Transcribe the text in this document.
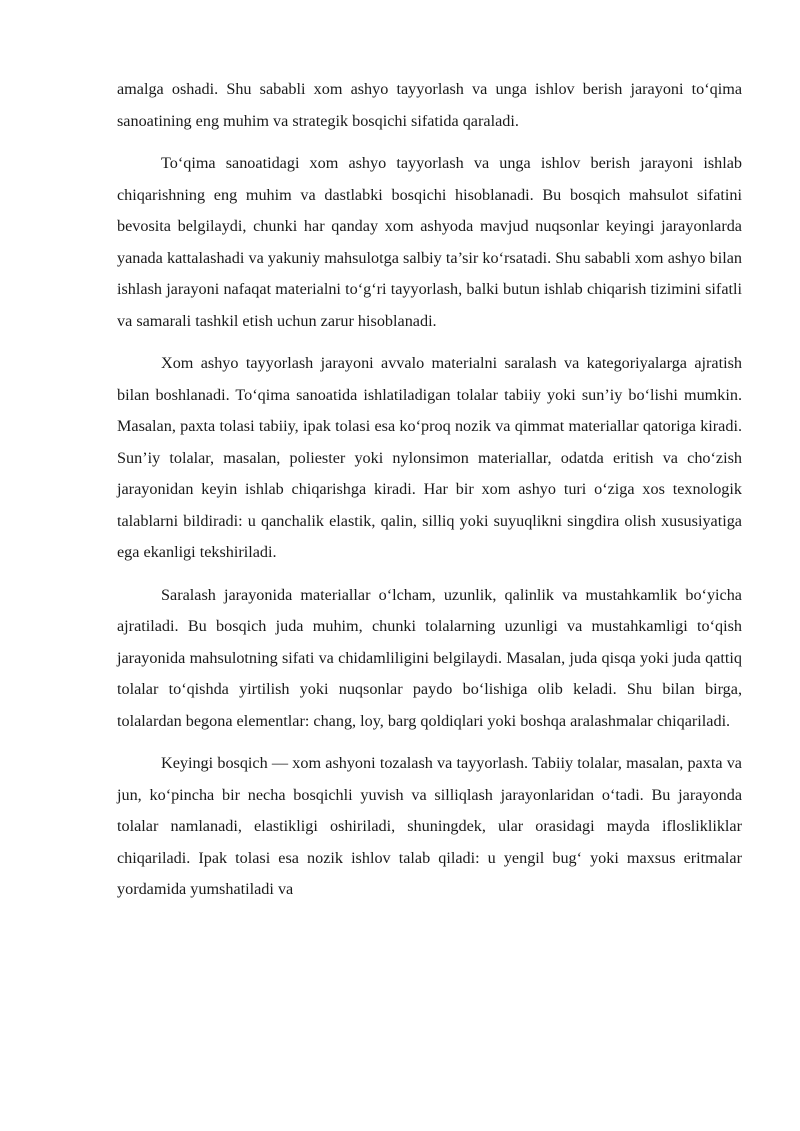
amalga oshadi. Shu sababli xom ashyo tayyorlash va unga ishlov berish jarayoni to‘qima sanoatining eng muhim va strategik bosqichi sifatida qaraladi.

To‘qima sanoatidagi xom ashyo tayyorlash va unga ishlov berish jarayoni ishlab chiqarishning eng muhim va dastlabki bosqichi hisoblanadi. Bu bosqich mahsulot sifatini bevosita belgilaydi, chunki har qanday xom ashyoda mavjud nuqsonlar keyingi jarayonlarda yanada kattalashadi va yakuniy mahsulotga salbiy ta’sir ko‘rsatadi. Shu sababli xom ashyo bilan ishlash jarayoni nafaqat materialni to‘g‘ri tayyorlash, balki butun ishlab chiqarish tizimini sifatli va samarali tashkil etish uchun zarur hisoblanadi.

Xom ashyo tayyorlash jarayoni avvalo materialni saralash va kategoriyalarga ajratish bilan boshlanadi. To‘qima sanoatida ishlatiladigan tolalar tabiiy yoki sun’iy bo‘lishi mumkin. Masalan, paxta tolasi tabiiy, ipak tolasi esa ko‘proq nozik va qimmat materiallar qatoriga kiradi. Sun’iy tolalar, masalan, poliester yoki nylonsimon materiallar, odatda eritish va cho‘zish jarayonidan keyin ishlab chiqarishga kiradi. Har bir xom ashyo turi o‘ziga xos texnologik talablarni bildiradi: u qanchalik elastik, qalin, silliq yoki suyuqlikni singdira olish xususiyatiga ega ekanligi tekshiriladi.

Saralash jarayonida materiallar o‘lcham, uzunlik, qalinlik va mustahkamlik bo‘yicha ajratiladi. Bu bosqich juda muhim, chunki tolalarning uzunligi va mustahkamligi to‘qish jarayonida mahsulotning sifati va chidamliligini belgilaydi. Masalan, juda qisqa yoki juda qattiq tolalar to‘qishda yirtilish yoki nuqsonlar paydo bo‘lishiga olib keladi. Shu bilan birga, tolalardan begona elementlar: chang, loy, barg qoldiqlari yoki boshqa aralashmalar chiqariladi.

Keyingi bosqich — xom ashyoni tozalash va tayyorlash. Tabiiy tolalar, masalan, paxta va jun, ko‘pincha bir necha bosqichli yuvish va silliqlash jarayonlaridan o‘tadi. Bu jarayonda tolalar namlanadi, elastikligi oshiriladi, shuningdek, ular orasidagi mayda ifloslikliklar chiqariladi. Ipak tolasi esa nozik ishlov talab qiladi: u yengil bug‘ yoki maxsus eritmalar yordamida yumshatiladi va
